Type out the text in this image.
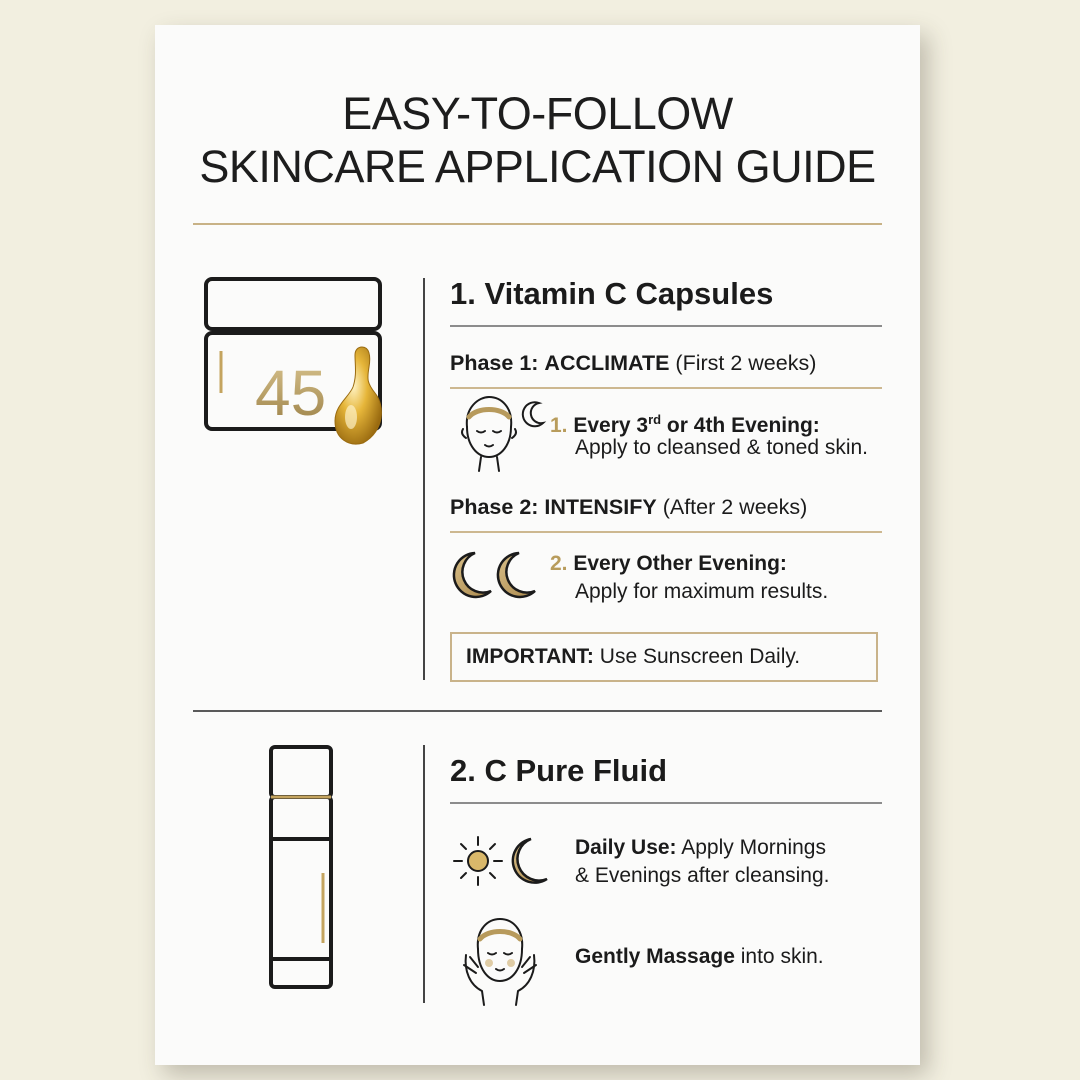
EASY-TO-FOLLOW
SKINCARE APPLICATION GUIDE
45
1. Vitamin C Capsules
Phase 1: ACCLIMATE (First 2 weeks)
1. Every 3rd or 4th Evening:
Apply to cleansed & toned skin.
Phase 2: INTENSIFY (After 2 weeks)
2. Every Other Evening:
Apply for maximum results.
IMPORTANT: Use Sunscreen Daily.
2. C Pure Fluid
Daily Use: Apply Mornings
& Evenings after cleansing.
Gently Massage into skin.
